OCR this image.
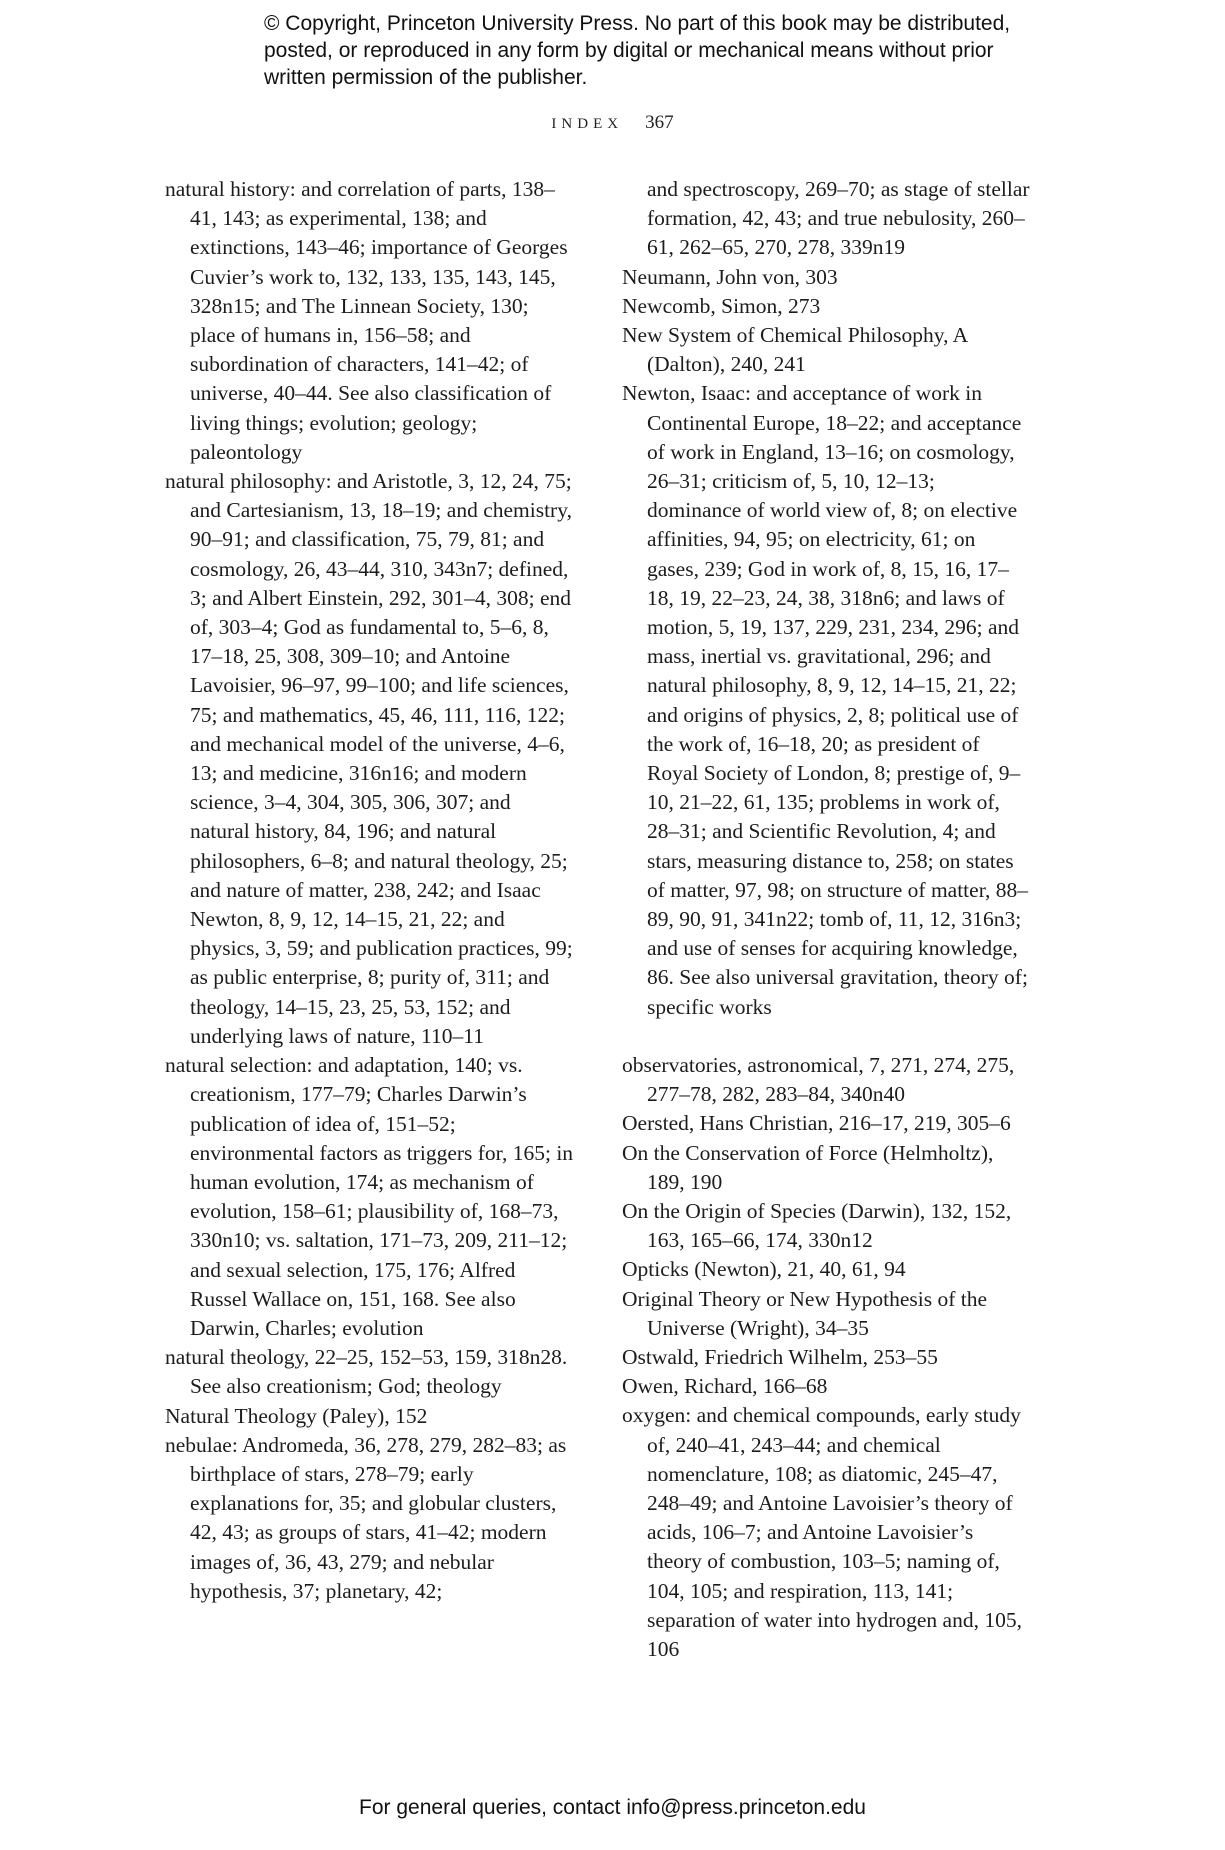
© Copyright, Princeton University Press. No part of this book may be distributed, posted, or reproduced in any form by digital or mechanical means without prior written permission of the publisher.
INDEX 367
natural history: and correlation of parts, 138–41, 143; as experimental, 138; and extinctions, 143–46; importance of Georges Cuvier’s work to, 132, 133, 135, 143, 145, 328n15; and The Linnean Society, 130; place of humans in, 156–58; and subordination of characters, 141–42; of universe, 40–44. See also classification of living things; evolution; geology; paleontology
natural philosophy: and Aristotle, 3, 12, 24, 75; and Cartesianism, 13, 18–19; and chemistry, 90–91; and classification, 75, 79, 81; and cosmology, 26, 43–44, 310, 343n7; defined, 3; and Albert Einstein, 292, 301–4, 308; end of, 303–4; God as fundamental to, 5–6, 8, 17–18, 25, 308, 309–10; and Antoine Lavoisier, 96–97, 99–100; and life sciences, 75; and mathematics, 45, 46, 111, 116, 122; and mechanical model of the universe, 4–6, 13; and medicine, 316n16; and modern science, 3–4, 304, 305, 306, 307; and natural history, 84, 196; and natural philosophers, 6–8; and natural theology, 25; and nature of matter, 238, 242; and Isaac Newton, 8, 9, 12, 14–15, 21, 22; and physics, 3, 59; and publication practices, 99; as public enterprise, 8; purity of, 311; and theology, 14–15, 23, 25, 53, 152; and underlying laws of nature, 110–11
natural selection: and adaptation, 140; vs. creationism, 177–79; Charles Darwin’s publication of idea of, 151–52; environmental factors as triggers for, 165; in human evolution, 174; as mechanism of evolution, 158–61; plausibility of, 168–73, 330n10; vs. saltation, 171–73, 209, 211–12; and sexual selection, 175, 176; Alfred Russel Wallace on, 151, 168. See also Darwin, Charles; evolution
natural theology, 22–25, 152–53, 159, 318n28. See also creationism; God; theology
Natural Theology (Paley), 152
nebulae: Andromeda, 36, 278, 279, 282–83; as birthplace of stars, 278–79; early explanations for, 35; and globular clusters, 42, 43; as groups of stars, 41–42; modern images of, 36, 43, 279; and nebular hypothesis, 37; planetary, 42;
and spectroscopy, 269–70; as stage of stellar formation, 42, 43; and true nebulosity, 260–61, 262–65, 270, 278, 339n19
Neumann, John von, 303
Newcomb, Simon, 273
New System of Chemical Philosophy, A (Dalton), 240, 241
Newton, Isaac: and acceptance of work in Continental Europe, 18–22; and acceptance of work in England, 13–16; on cosmology, 26–31; criticism of, 5, 10, 12–13; dominance of world view of, 8; on elective affinities, 94, 95; on electricity, 61; on gases, 239; God in work of, 8, 15, 16, 17–18, 19, 22–23, 24, 38, 318n6; and laws of motion, 5, 19, 137, 229, 231, 234, 296; and mass, inertial vs. gravitational, 296; and natural philosophy, 8, 9, 12, 14–15, 21, 22; and origins of physics, 2, 8; political use of the work of, 16–18, 20; as president of Royal Society of London, 8; prestige of, 9–10, 21–22, 61, 135; problems in work of, 28–31; and Scientific Revolution, 4; and stars, measuring distance to, 258; on states of matter, 97, 98; on structure of matter, 88–89, 90, 91, 341n22; tomb of, 11, 12, 316n3; and use of senses for acquiring knowledge, 86. See also universal gravitation, theory of; specific works
observatories, astronomical, 7, 271, 274, 275, 277–78, 282, 283–84, 340n40
Oersted, Hans Christian, 216–17, 219, 305–6
On the Conservation of Force (Helmholtz), 189, 190
On the Origin of Species (Darwin), 132, 152, 163, 165–66, 174, 330n12
Opticks (Newton), 21, 40, 61, 94
Original Theory or New Hypothesis of the Universe (Wright), 34–35
Ostwald, Friedrich Wilhelm, 253–55
Owen, Richard, 166–68
oxygen: and chemical compounds, early study of, 240–41, 243–44; and chemical nomenclature, 108; as diatomic, 245–47, 248–49; and Antoine Lavoisier’s theory of acids, 106–7; and Antoine Lavoisier’s theory of combustion, 103–5; naming of, 104, 105; and respiration, 113, 141; separation of water into hydrogen and, 105, 106
For general queries, contact info@press.princeton.edu
